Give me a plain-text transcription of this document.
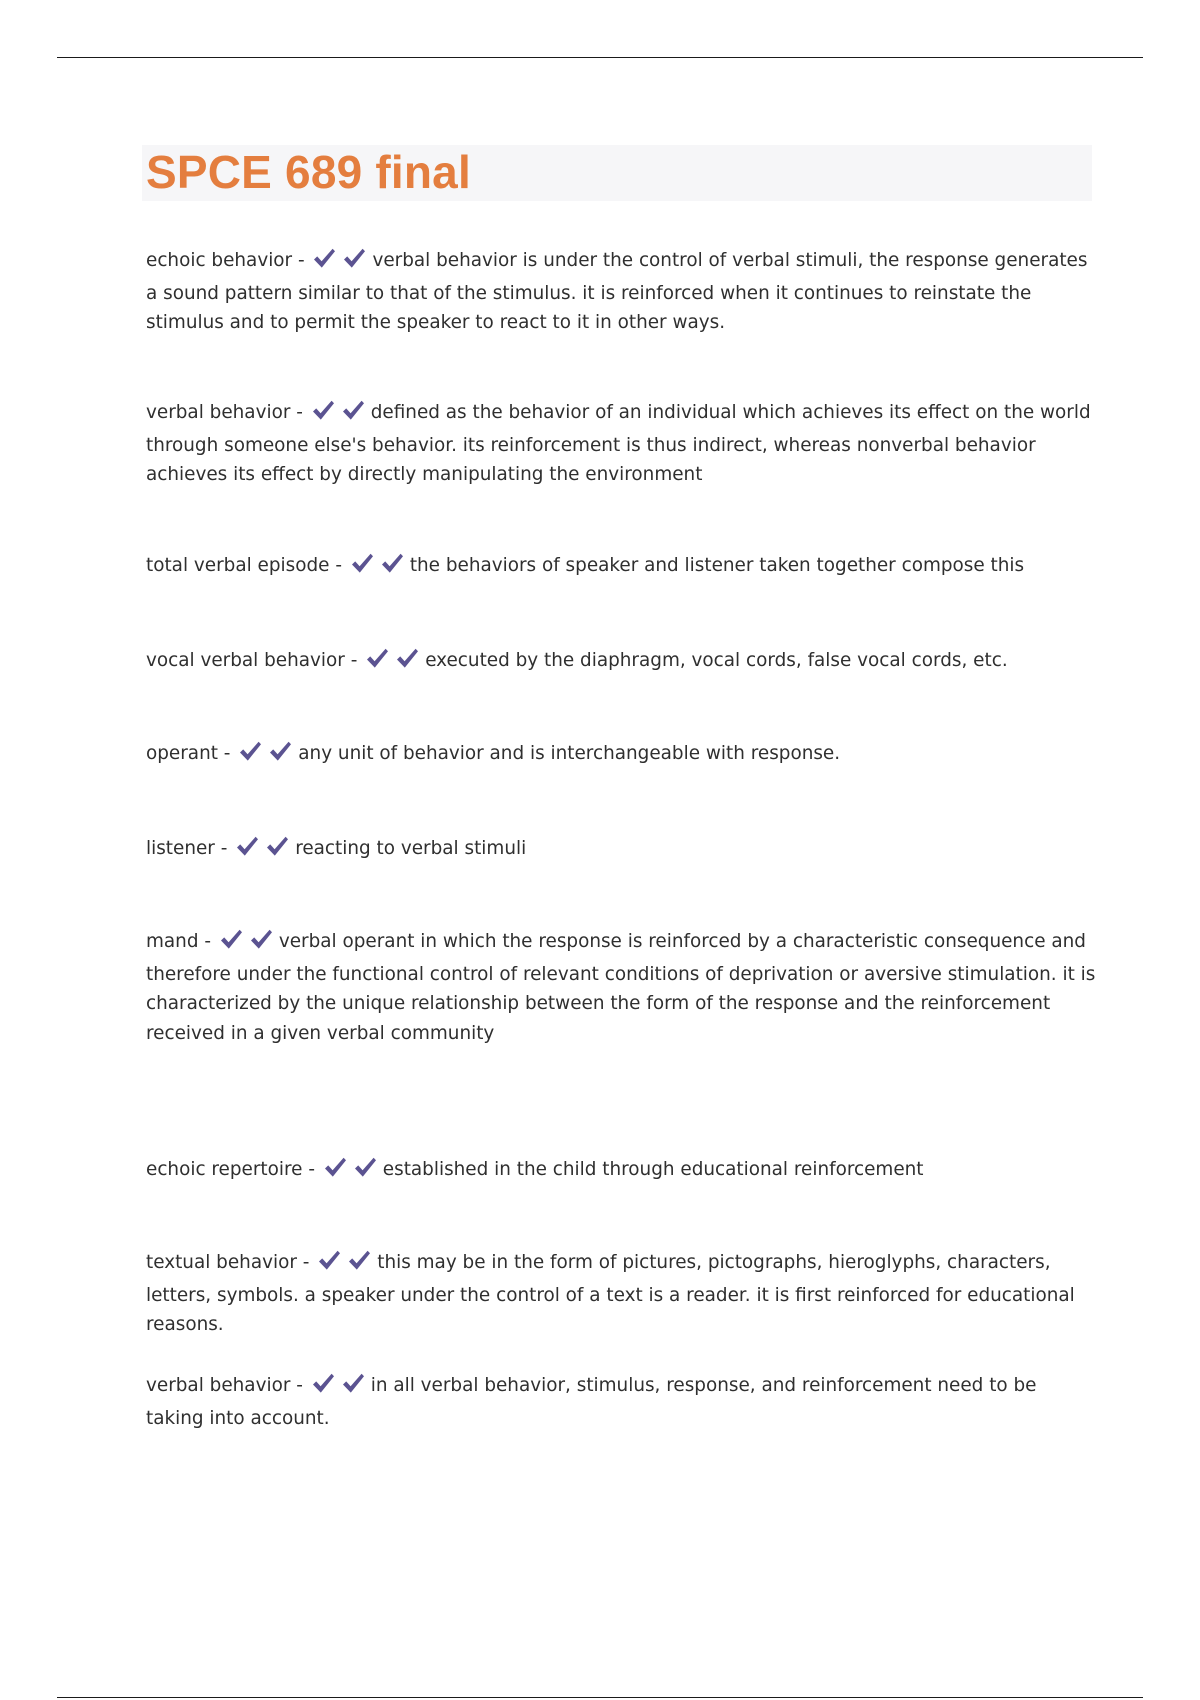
SPCE 689 final

echoic behavior -	verbal behavior is under the control of verbal stimuli, the response generates a sound pattern similar to that of the stimulus. it is reinforced when it continues to reinstate the stimulus and to permit the speaker to react to it in other ways.

verbal behavior -	defined as the behavior of an individual which achieves its effect on the world through someone else's behavior. its reinforcement is thus indirect, whereas nonverbal behavior achieves its effect by directly manipulating the environment

total verbal episode -	the behaviors of speaker and listener taken together compose this

vocal verbal behavior -	executed by the diaphragm, vocal cords, false vocal cords, etc.

operant -	any unit of behavior and is interchangeable with response.

listener -	reacting to verbal stimuli

mand -	verbal operant in which the response is reinforced by a characteristic consequence and therefore under the functional control of relevant conditions of deprivation or aversive stimulation. it is characterized by the unique relationship between the form of the response and the reinforcement received in a given verbal community

echoic repertoire -	established in the child through educational reinforcement

textual behavior -	this may be in the form of pictures, pictographs, hieroglyphs, characters, letters, symbols. a speaker under the control of a text is a reader. it is first reinforced for educational reasons.

verbal behavior -	in all verbal behavior, stimulus, response, and reinforcement need to be taking into account.
